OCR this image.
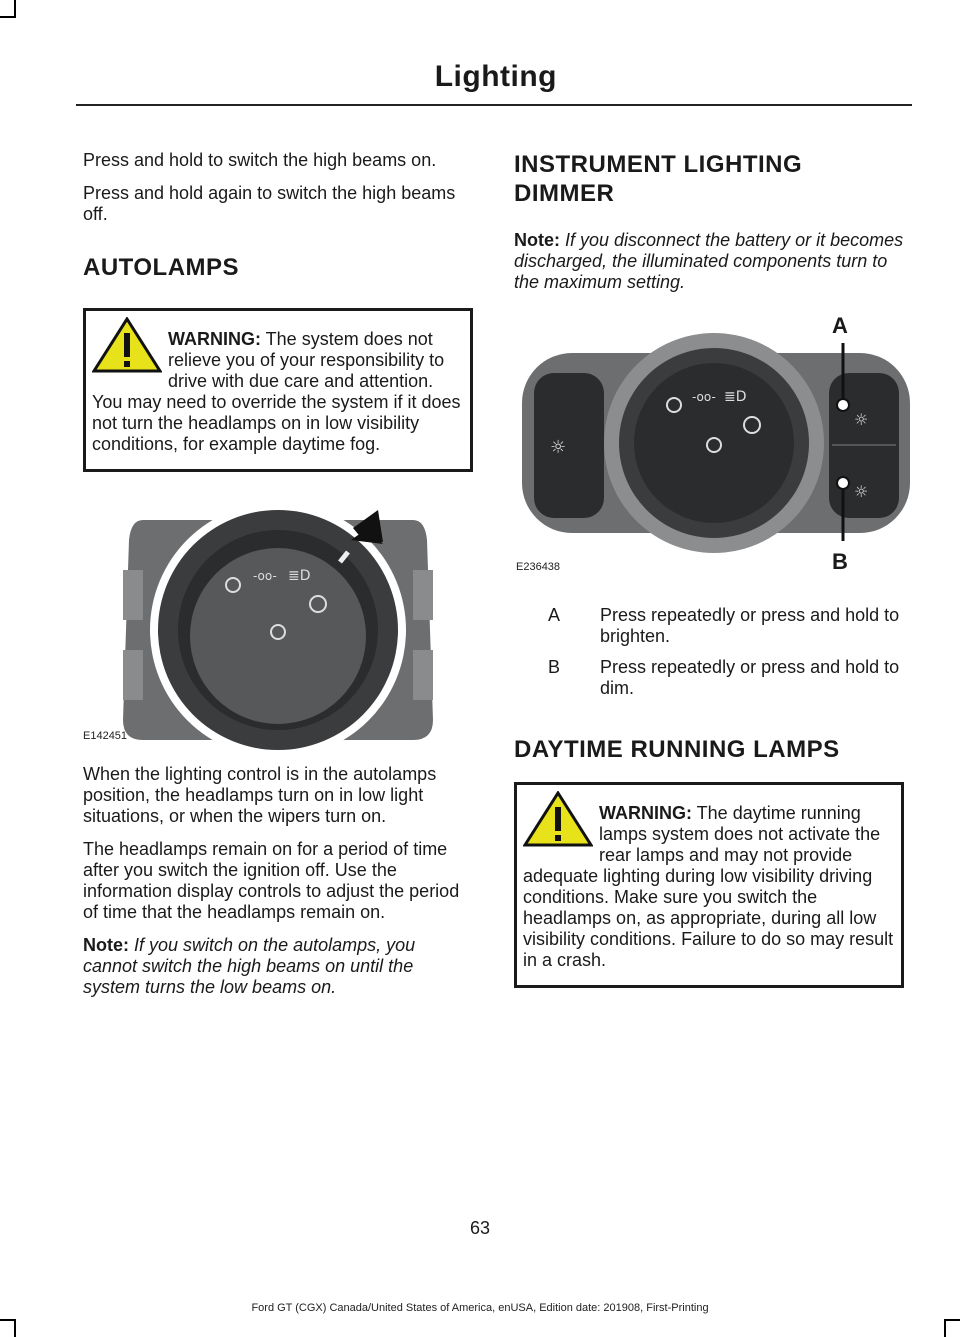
Lighting

Press and hold to switch the high beams on.

Press and hold again to switch the high beams off.

AUTOLAMPS

WARNING: The system does not relieve you of your responsibility to drive with due care and attention. You may need to override the system if it does not turn the headlamps on in low visibility conditions, for example daytime fog.

-oo- ≣D
E142451

When the lighting control is in the autolamps position, the headlamps turn on in low light situations, or when the wipers turn on.

The headlamps remain on for a period of time after you switch the ignition off. Use the information display controls to adjust the period of time that the headlamps remain on.

Note: If you switch on the autolamps, you cannot switch the high beams on until the system turns the low beams on.

INSTRUMENT LIGHTING
DIMMER

Note: If you disconnect the battery or it becomes discharged, the illuminated components turn to the maximum setting.

-oo- ≣D
☼
☼
☼
A
B
E236438
A	Press repeatedly or press and hold to brighten.
B	Press repeatedly or press and hold to dim.
DAYTIME RUNNING LAMPS

WARNING: The daytime running lamps system does not activate the rear lamps and may not provide adequate lighting during low visibility driving conditions. Make sure you switch the headlamps on, as appropriate, during all low visibility conditions. Failure to do so may result in a crash.

63
Ford GT (CGX) Canada/United States of America, enUSA, Edition date: 201908, First-Printing
